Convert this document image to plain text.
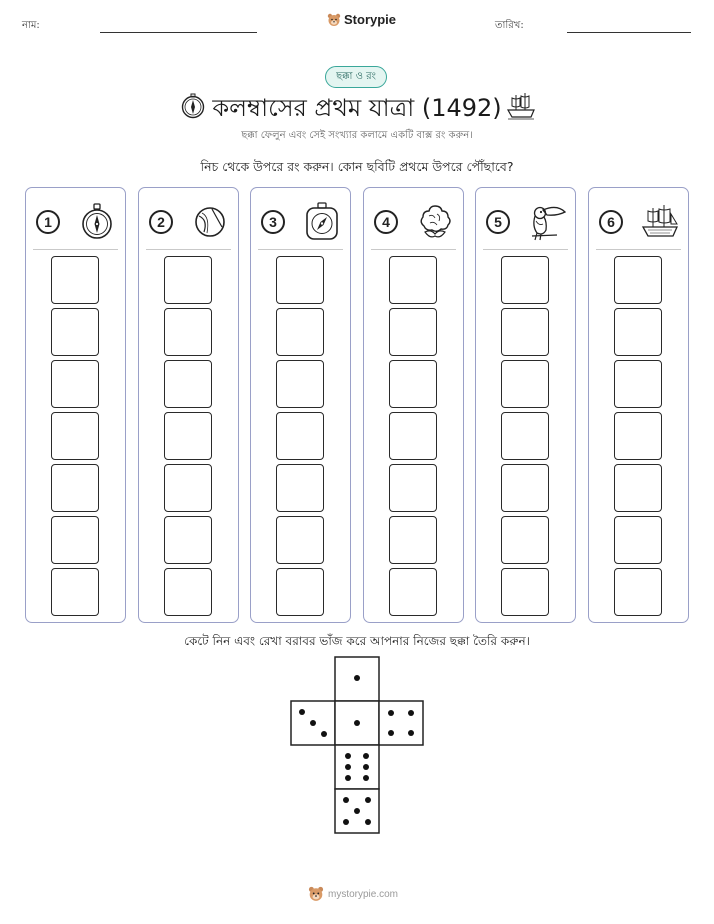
নাম:	Storypie	তারিখ:
ছক্কা ও রং
কলম্বাসের প্রথম যাত্রা (1492)
ছক্কা ফেলুন এবং সেই সংখ্যার কলামে একটি বাক্স রং করুন।
নিচ থেকে উপরে রং করুন। কোন ছবিটি প্রথমে উপরে পৌঁছাবে?
1	2	3	4	5	6
কেটে নিন এবং রেখা বরাবর ভাঁজ করে আপনার নিজের ছক্কা তৈরি করুন।
mystorypie.com
